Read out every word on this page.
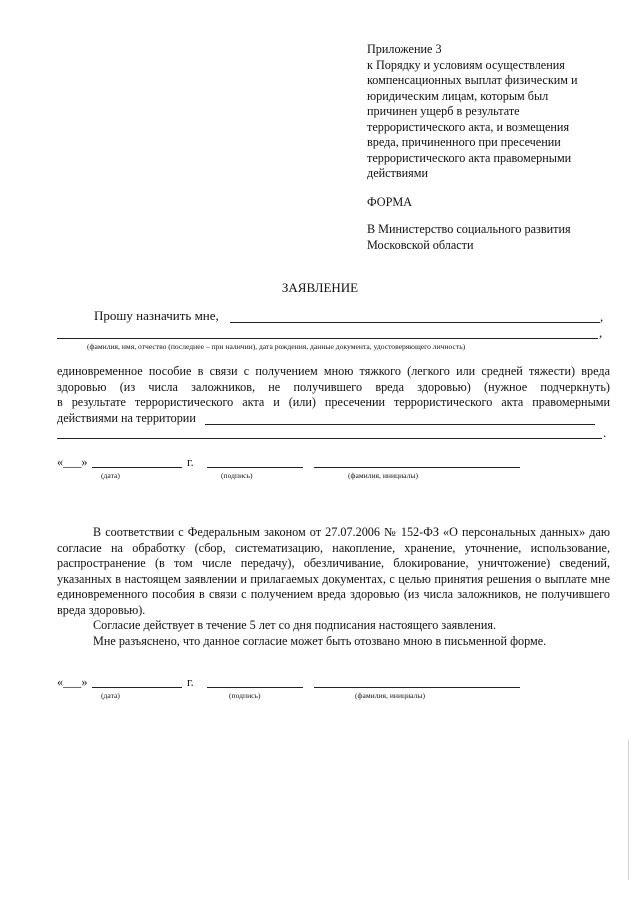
Приложение 3
к Порядку и условиям осуществления
компенсационных выплат физическим и
юридическим лицам, которым был
причинен ущерб в результате
террористического акта, и возмещения
вреда, причиненного при пресечении
террористического акта правомерными
действиями
ФОРМА
В Министерство социального развития
Московской области
ЗАЯВЛЕНИЕ
Прошу назначить мне,	,
,
(фамилия, имя, отчество (последнее – при наличии), дата рождения, данные документа, удостоверяющего личность)
единовременное пособие в связи с получением мною тяжкого (легкого или средней тяжести) вреда
здоровью (из числа заложников, не получившего вреда здоровью) (нужное подчеркнуть)
в результате террористического акта и (или) пресечении террористического акта правомерными
действиями на территории
.
«___»	г.
(дата)	(подпись)	(фамилия, инициалы)
В соответствии с Федеральным законом от 27.07.2006 № 152-ФЗ «О персональных данных» даю согласие на обработку (сбор, систематизацию, накопление, хранение, уточнение, использование, распространение (в том числе передачу), обезличивание, блокирование, уничтожение) сведений, указанных в настоящем заявлении и прилагаемых документах, с целью принятия решения о выплате мне единовременного пособия в связи с получением вреда здоровью (из числа заложников, не получившего вреда здоровью).
Согласие действует в течение 5 лет со дня подписания настоящего заявления.
Мне разъяснено, что данное согласие может быть отозвано мною в письменной форме.
«___»	г.
(дата)	(подпись)	(фамилия, инициалы)
